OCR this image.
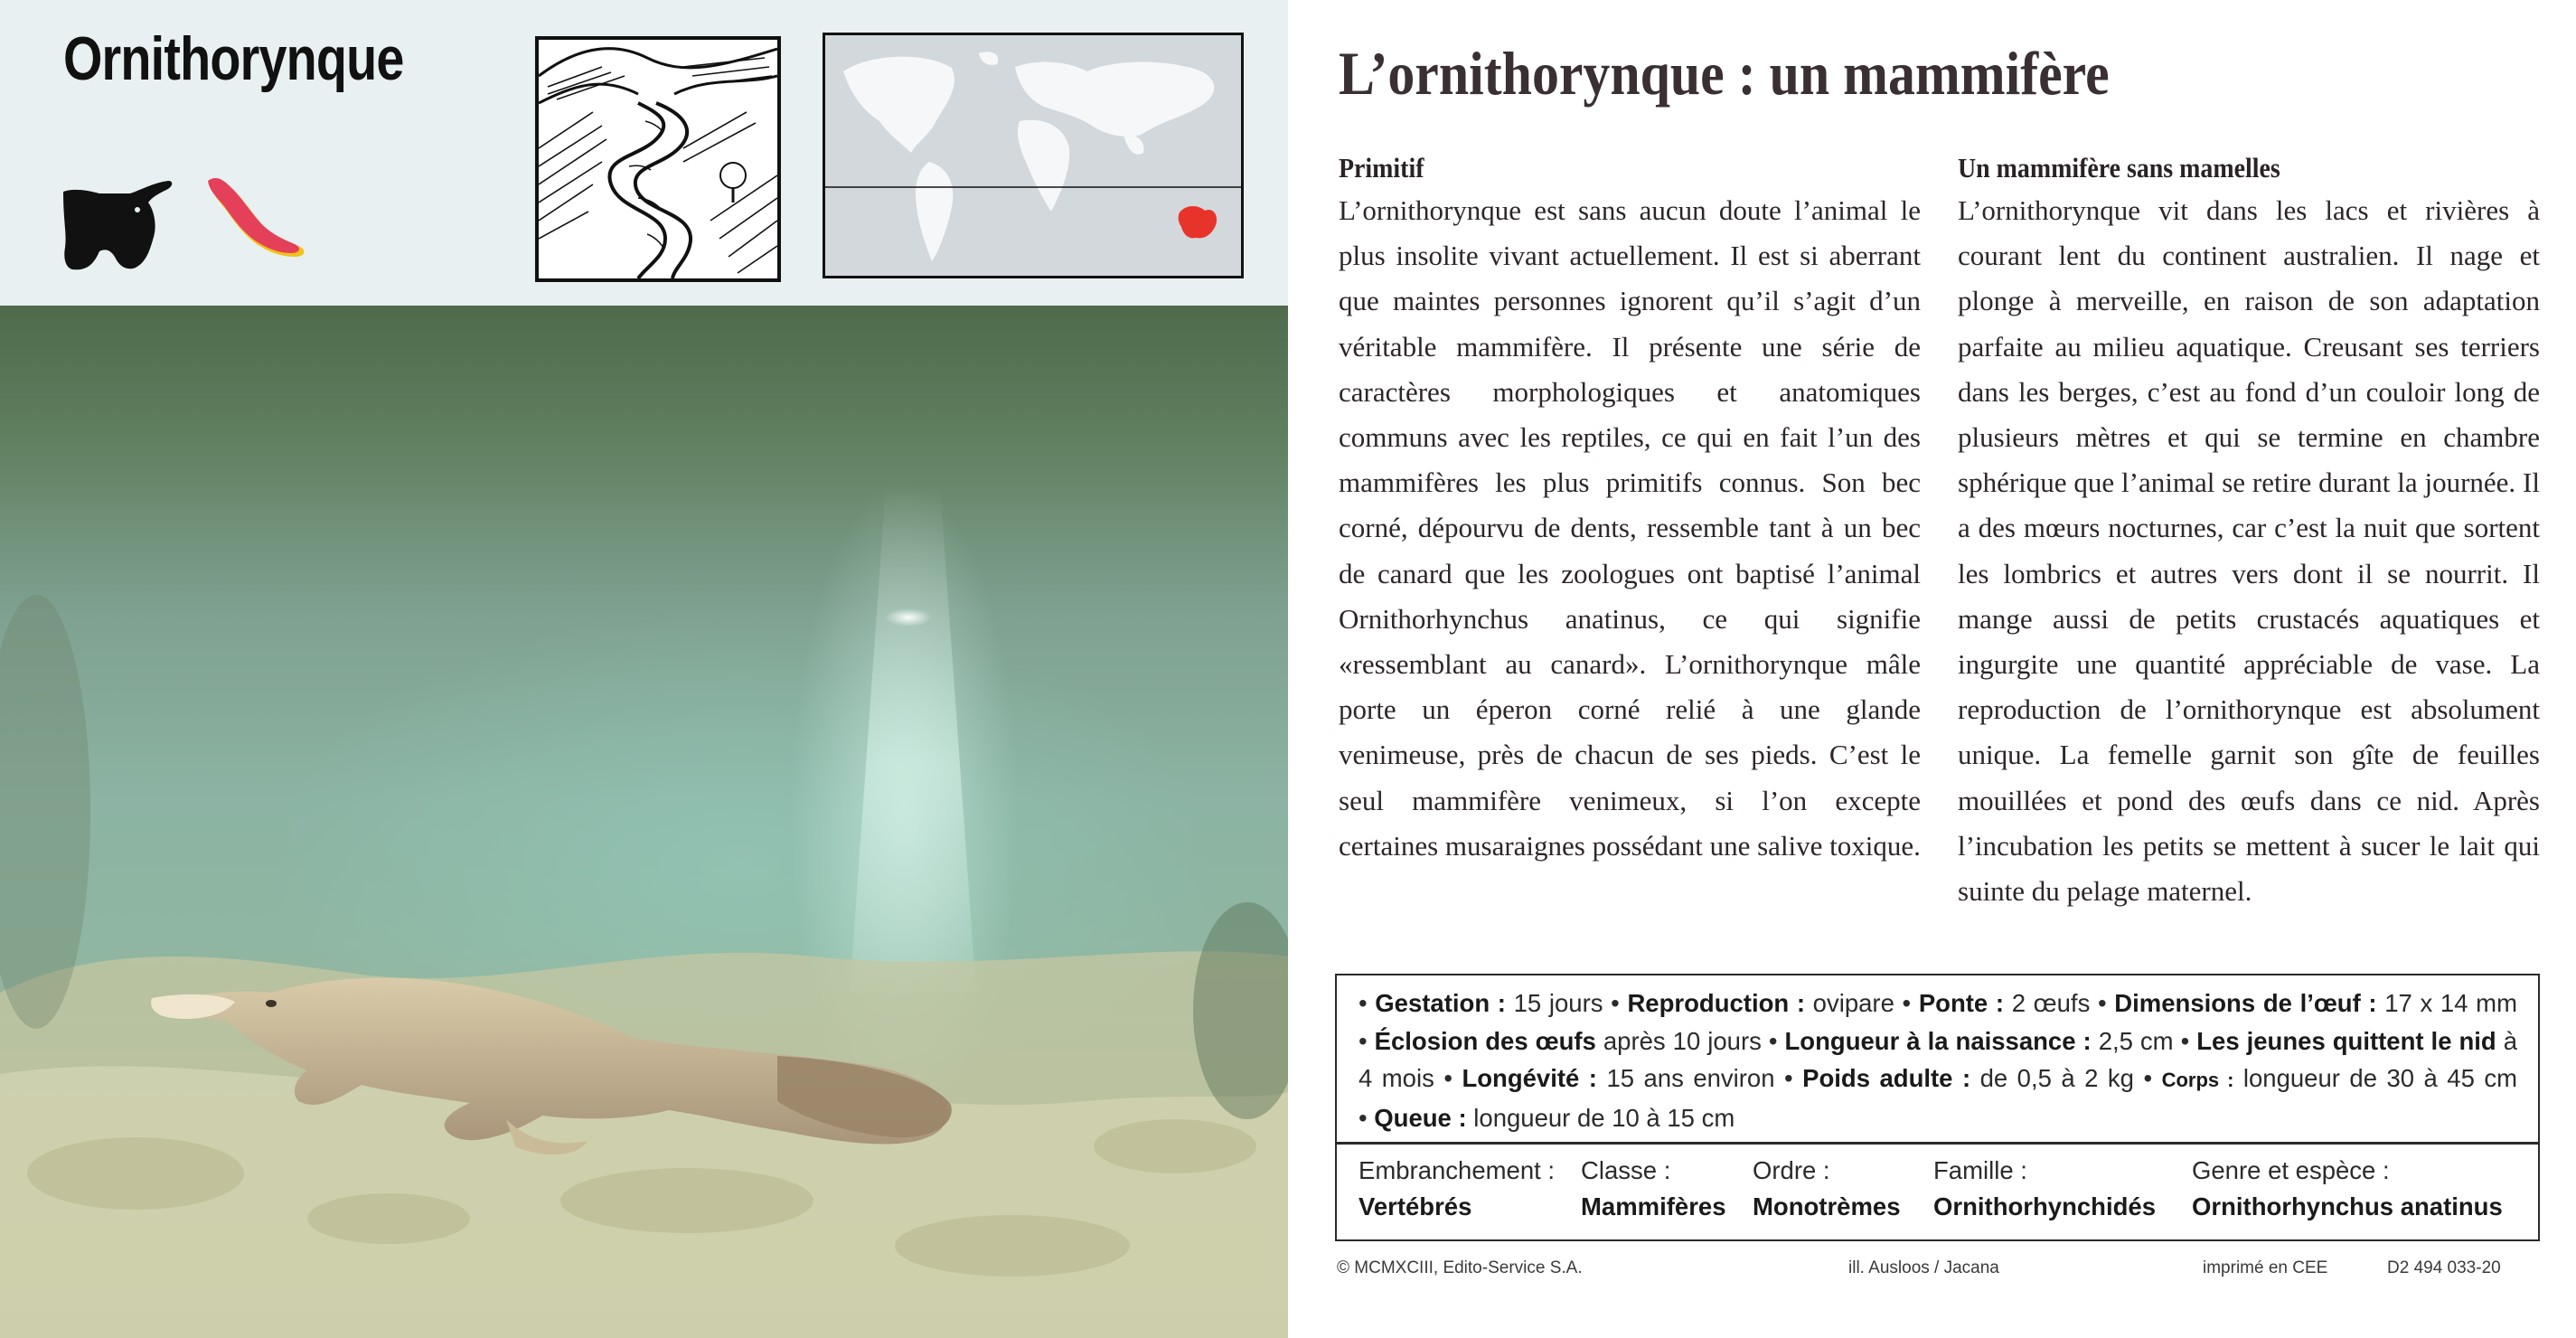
Ornithorynque	L’ornithorynque : un mammifère
Primitif
L’ornithorynque est sans aucun doute l’animal le plus insolite vivant actuellement. Il est si aberrant que maintes personnes ignorent qu’il s’agit d’un véritable mammifère. Il présente une série de caractères morphologiques et anatomiques communs avec les reptiles, ce qui en fait l’un des mammifères les plus primitifs connus. Son bec corné, dépourvu de dents, ressemble tant à un bec de canard que les zoologues ont baptisé l’animal Ornithorhynchus anatinus, ce qui signifie «ressemblant au canard». L’ornithorynque mâle porte un éperon corné relié à une glande venimeuse, près de chacun de ses pieds. C’est le seul mammifère venimeux, si l’on excepte certaines musaraignes possédant une salive toxique.
Un mammifère sans mamelles
L’ornithorynque vit dans les lacs et rivières à courant lent du continent australien. Il nage et plonge à merveille, en raison de son adaptation parfaite au milieu aquatique. Creusant ses terriers dans les berges, c’est au fond d’un couloir long de plusieurs mètres et qui se termine en chambre sphérique que l’animal se retire durant la journée. Il a des mœurs nocturnes, car c’est la nuit que sortent les lombrics et autres vers dont il se nourrit. Il mange aussi de petits crustacés aquatiques et ingurgite une quantité appréciable de vase. La reproduction de l’ornithorynque est absolument unique. La femelle garnit son gîte de feuilles mouillées et pond des œufs dans ce nid. Après l’incubation les petits se mettent à sucer le lait qui suinte du pelage maternel.
• Gestation : 15 jours • Reproduction : ovipare • Ponte : 2 œufs • Dimensions de l’œuf : 17 x 14 mm • Éclosion des œufs après 10 jours • Longueur à la naissance : 2,5 cm • Les jeunes quittent le nid à 4 mois • Longévité : 15 ans environ • Poids adulte : de 0,5 à 2 kg • Corps : longueur de 30 à 45 cm • Queue : longueur de 10 à 15 cm
Embranchement :
Vertébrés
Classe :
Mammifères
Ordre :
Monotrèmes
Famille :
Ornithorhynchidés
Genre et espèce :
Ornithorhynchus anatinus
© MCMXCIII, Edito-Service S.A.	ill. Ausloos / Jacana	imprimé en CEE	D2 494 033-20
